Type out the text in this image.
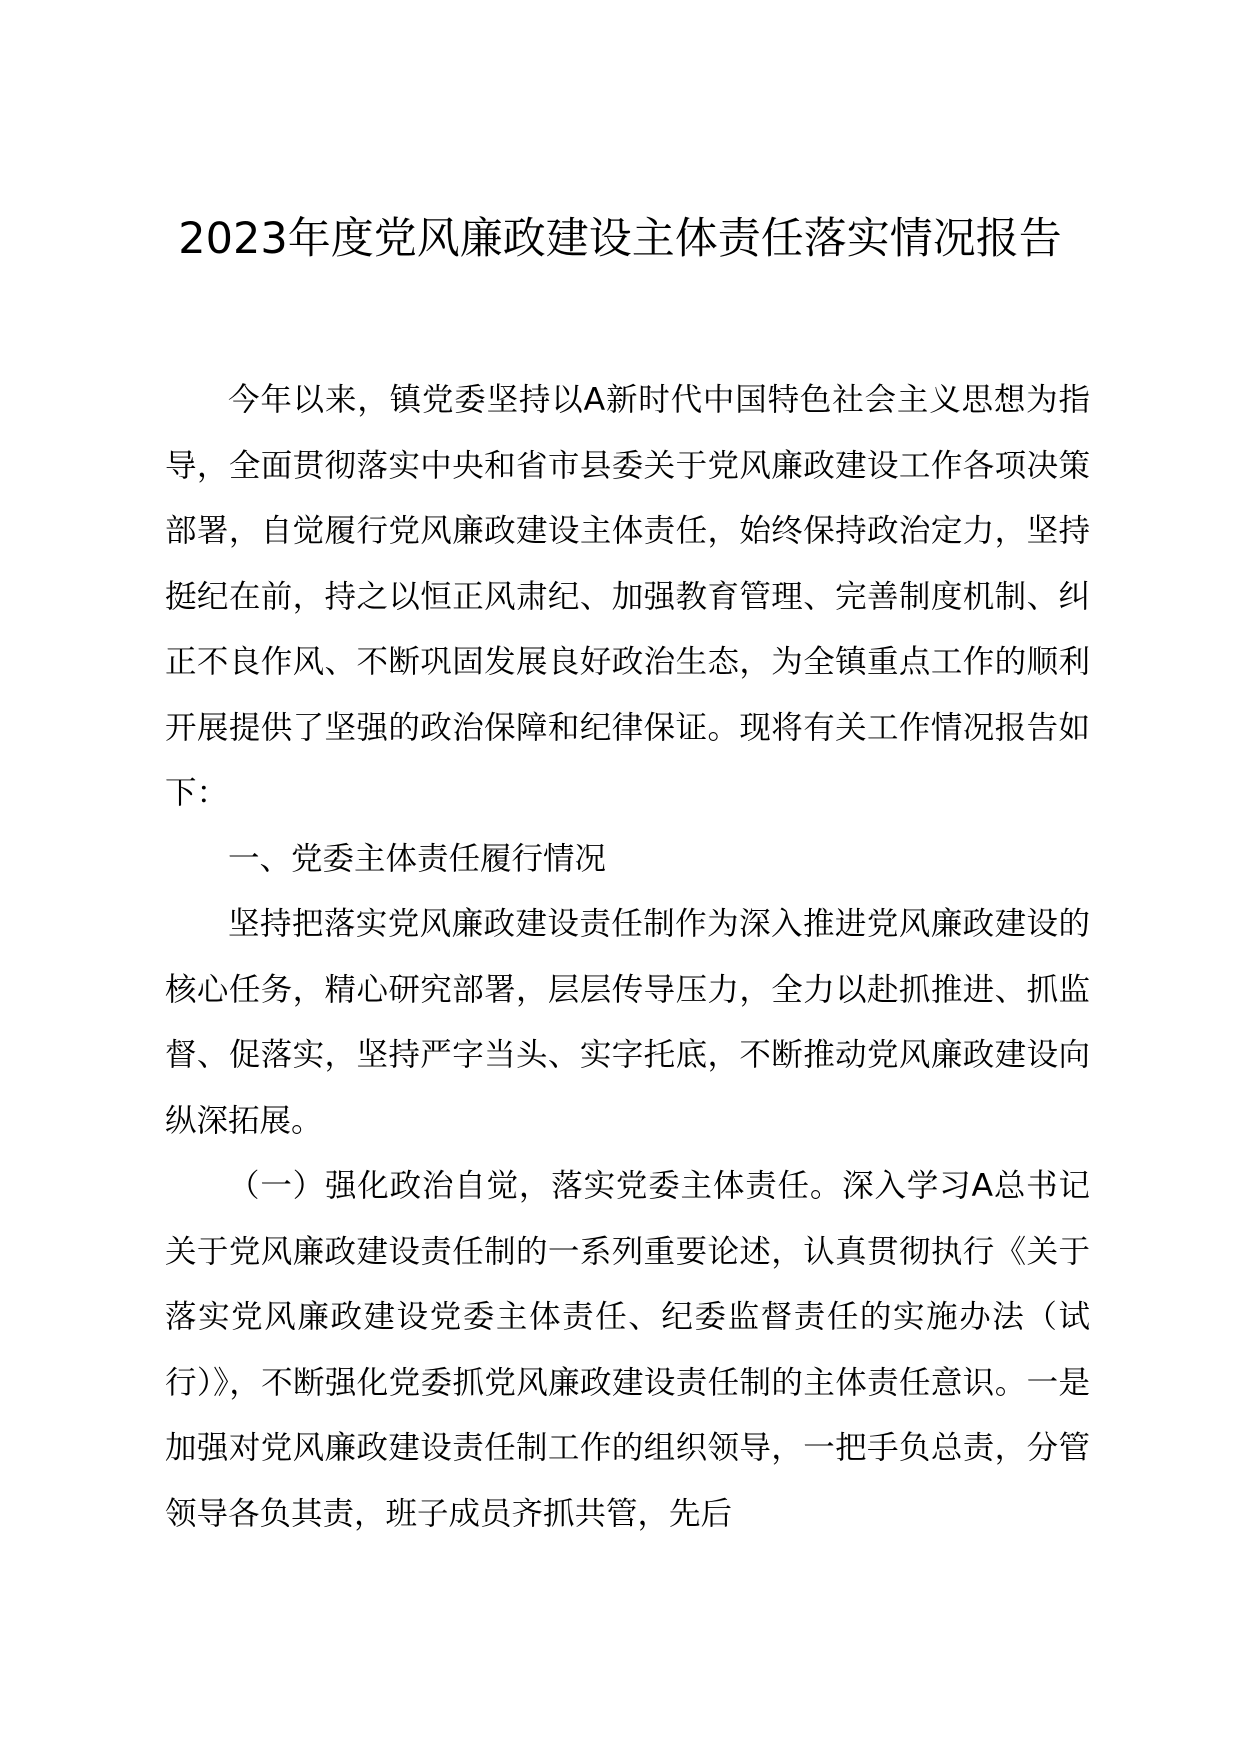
2023年度党风廉政建设主体责任落实情况报告

今年以来，镇党委坚持以A新时代中国特色社会主义思想为指导，全面贯彻落实中央和省市县委关于党风廉政建设工作各项决策部署，自觉履行党风廉政建设主体责任，始终保持政治定力，坚持挺纪在前，持之以恒正风肃纪、加强教育管理、完善制度机制、纠正不良作风、不断巩固发展良好政治生态，为全镇重点工作的顺利开展提供了坚强的政治保障和纪律保证。现将有关工作情况报告如下：

一、党委主体责任履行情况

坚持把落实党风廉政建设责任制作为深入推进党风廉政建设的核心任务，精心研究部署，层层传导压力，全力以赴抓推进、抓监督、促落实，坚持严字当头、实字托底，不断推动党风廉政建设向纵深拓展。

（一）强化政治自觉，落实党委主体责任。深入学习A总书记关于党风廉政建设责任制的一系列重要论述，认真贯彻执行《关于落实党风廉政建设党委主体责任、纪委监督责任的实施办法（试行）》，不断强化党委抓党风廉政建设责任制的主体责任意识。一是加强对党风廉政建设责任制工作的组织领导，一把手负总责，分管领导各负其责，班子成员齐抓共管，先后
